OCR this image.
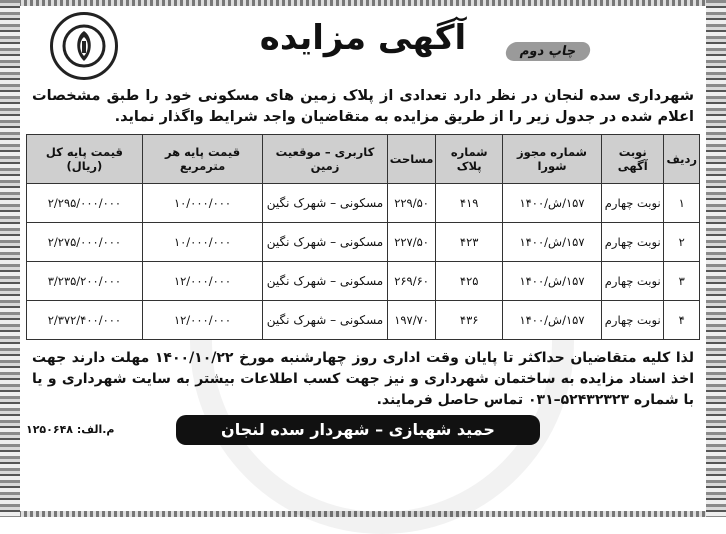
چاپ دوم
آگهی مزایده
شهرداری سده لنجان در نظر دارد تعدادی از پلاک زمین های مسکونی خود را طبق مشخصات اعلام شده در جدول زیر را از طریق مزایده به متقاضیان واجد شرایط واگذار نماید.
ردیف	نوبت آگهی	شماره مجوز شورا	شماره پلاک	مساحت	کاربری – موقعیت زمین	قیمت پایه هر مترمربع	قیمت پایه کل (ریال)
۱	نوبت چهارم	۱۵۷/ش/۱۴۰۰	۴۱۹	۲۲۹/۵۰	مسکونی – شهرک نگین	۱۰/۰۰۰/۰۰۰	۲/۲۹۵/۰۰۰/۰۰۰
۲	نوبت چهارم	۱۵۷/ش/۱۴۰۰	۴۲۳	۲۲۷/۵۰	مسکونی – شهرک نگین	۱۰/۰۰۰/۰۰۰	۲/۲۷۵/۰۰۰/۰۰۰
۳	نوبت چهارم	۱۵۷/ش/۱۴۰۰	۴۲۵	۲۶۹/۶۰	مسکونی – شهرک نگین	۱۲/۰۰۰/۰۰۰	۳/۲۳۵/۲۰۰/۰۰۰
۴	نوبت چهارم	۱۵۷/ش/۱۴۰۰	۴۳۶	۱۹۷/۷۰	مسکونی – شهرک نگین	۱۲/۰۰۰/۰۰۰	۲/۳۷۲/۴۰۰/۰۰۰
لذا کلیه متقاضیان حداکثر تا پایان وقت اداری روز چهارشنبه مورخ ۱۴۰۰/۱۰/۲۲ مهلت دارند جهت اخذ اسناد مزایده به ساختمان شهرداری و نیز جهت کسب اطلاعات بیشتر به سایت شهرداری و یا با شماره ۵۲۴۳۲۳۲۳–۰۳۱ تماس حاصل فرمایند.
حمید شهبازی – شهردار سده لنجان
م.الف: ۱۲۵۰۶۴۸
